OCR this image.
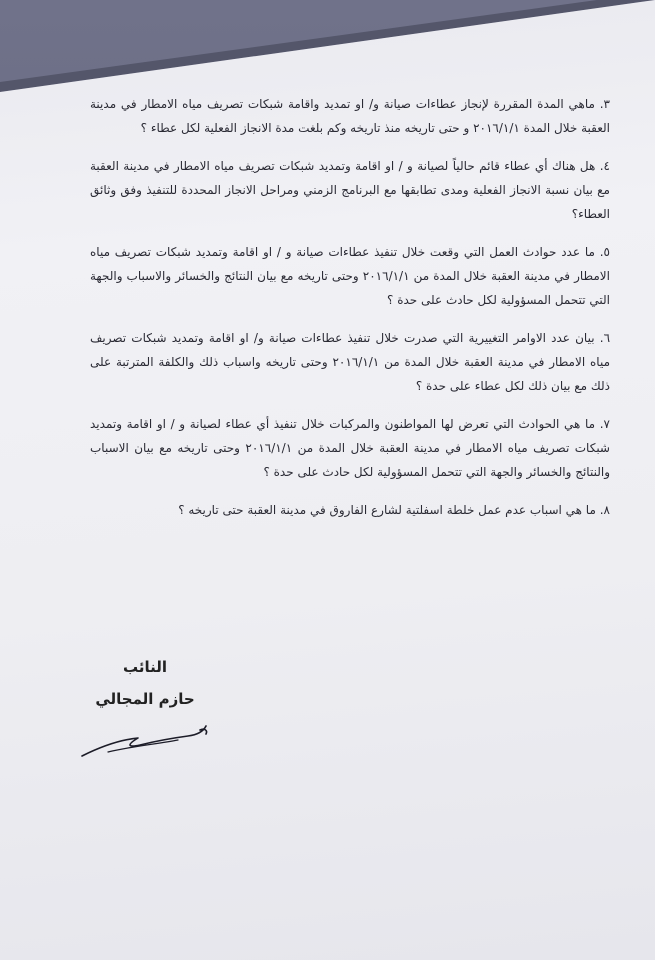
٣. ماهي المدة المقررة لإنجاز عطاءات صيانة و/ او تمديد واقامة شبكات تصريف مياه الامطار في مدينة العقبة خلال المدة ٢٠١٦/١/١ و حتى تاريخه منذ تاريخه وكم بلغت مدة الانجاز الفعلية لكل عطاء ؟

٤. هل هناك أي عطاء قائم حالياً لصيانة و / او اقامة وتمديد شبكات تصريف مياه الامطار في مدينة العقبة مع بيان نسبة الانجاز الفعلية ومدى تطابقها مع البرنامج الزمني ومراحل الانجاز المحددة للتنفيذ وفق وثائق العطاء؟

٥. ما عدد حوادث العمل التي وقعت خلال تنفيذ عطاءات صيانة و / او اقامة وتمديد شبكات تصريف مياه الامطار في مدينة العقبة خلال المدة من ٢٠١٦/١/١ وحتى تاريخه مع بيان النتائج والخسائر والاسباب والجهة التي تتحمل المسؤولية لكل حادث على حدة ؟

٦. بيان عدد الاوامر التغييرية التي صدرت خلال تنفيذ عطاءات صيانة و/ او اقامة وتمديد شبكات تصريف مياه الامطار في مدينة العقبة خلال المدة من ٢٠١٦/١/١ وحتى تاريخه واسباب ذلك والكلفة المترتبة على ذلك مع بيان ذلك لكل عطاء على حدة ؟

٧. ما هي الحوادث التي تعرض لها المواطنون والمركبات خلال تنفيذ أي عطاء لصيانة و / او اقامة وتمديد شبكات تصريف مياه الامطار في مدينة العقبة خلال المدة من ٢٠١٦/١/١ وحتى تاريخه مع بيان الاسباب والنتائج والخسائر والجهة التي تتحمل المسؤولية لكل حادث على حدة ؟

٨. ما هي اسباب عدم عمل خلطة اسفلتية لشارع الفاروق في مدينة العقبة حتى تاريخه ؟

النائب
حازم المجالي
